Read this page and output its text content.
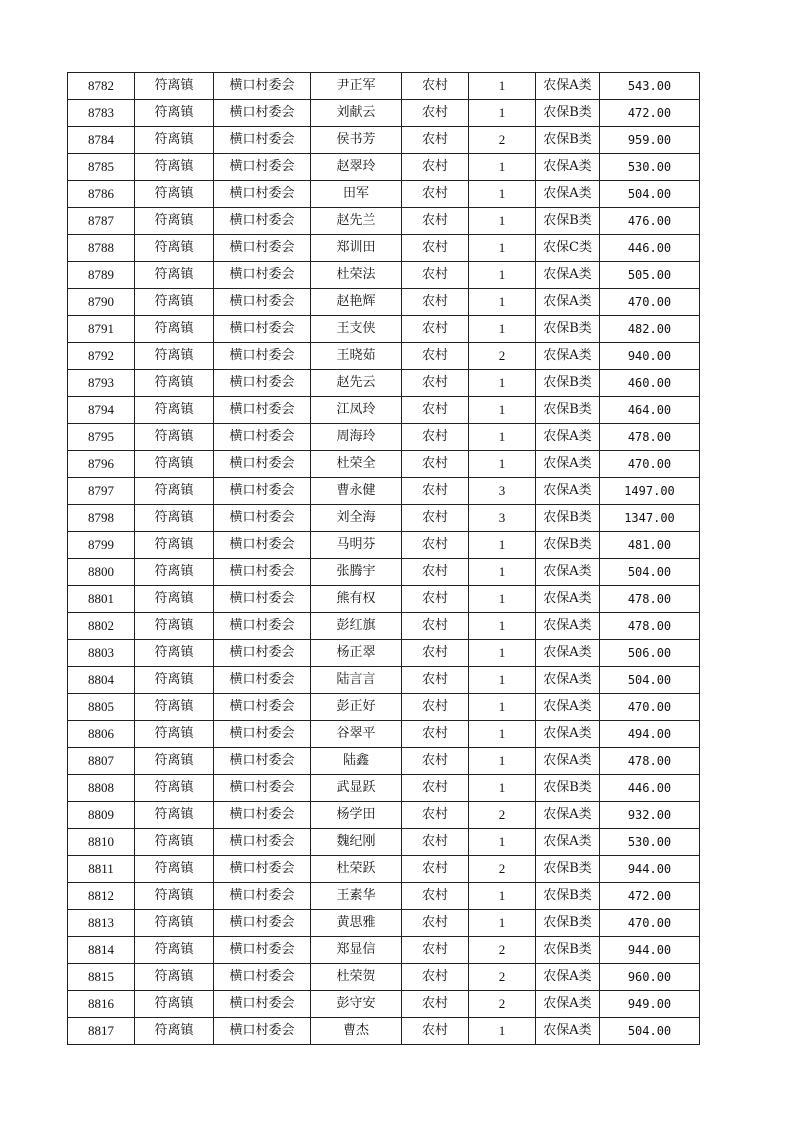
8782	符离镇	横口村委会	尹正军	农村	1	农保A类	543.00
8783	符离镇	横口村委会	刘献云	农村	1	农保B类	472.00
8784	符离镇	横口村委会	侯书芳	农村	2	农保B类	959.00
8785	符离镇	横口村委会	赵翠玲	农村	1	农保A类	530.00
8786	符离镇	横口村委会	田军	农村	1	农保A类	504.00
8787	符离镇	横口村委会	赵先兰	农村	1	农保B类	476.00
8788	符离镇	横口村委会	郑训田	农村	1	农保C类	446.00
8789	符离镇	横口村委会	杜荣法	农村	1	农保A类	505.00
8790	符离镇	横口村委会	赵艳辉	农村	1	农保A类	470.00
8791	符离镇	横口村委会	王支侠	农村	1	农保B类	482.00
8792	符离镇	横口村委会	王晓茹	农村	2	农保A类	940.00
8793	符离镇	横口村委会	赵先云	农村	1	农保B类	460.00
8794	符离镇	横口村委会	江凤玲	农村	1	农保B类	464.00
8795	符离镇	横口村委会	周海玲	农村	1	农保A类	478.00
8796	符离镇	横口村委会	杜荣全	农村	1	农保A类	470.00
8797	符离镇	横口村委会	曹永健	农村	3	农保A类	1497.00
8798	符离镇	横口村委会	刘全海	农村	3	农保B类	1347.00
8799	符离镇	横口村委会	马明芬	农村	1	农保B类	481.00
8800	符离镇	横口村委会	张腾宇	农村	1	农保A类	504.00
8801	符离镇	横口村委会	熊有权	农村	1	农保A类	478.00
8802	符离镇	横口村委会	彭红旗	农村	1	农保A类	478.00
8803	符离镇	横口村委会	杨正翠	农村	1	农保A类	506.00
8804	符离镇	横口村委会	陆言言	农村	1	农保A类	504.00
8805	符离镇	横口村委会	彭正好	农村	1	农保A类	470.00
8806	符离镇	横口村委会	谷翠平	农村	1	农保A类	494.00
8807	符离镇	横口村委会	陆鑫	农村	1	农保A类	478.00
8808	符离镇	横口村委会	武显跃	农村	1	农保B类	446.00
8809	符离镇	横口村委会	杨学田	农村	2	农保A类	932.00
8810	符离镇	横口村委会	魏纪刚	农村	1	农保A类	530.00
8811	符离镇	横口村委会	杜荣跃	农村	2	农保B类	944.00
8812	符离镇	横口村委会	王素华	农村	1	农保B类	472.00
8813	符离镇	横口村委会	黄思雅	农村	1	农保B类	470.00
8814	符离镇	横口村委会	郑显信	农村	2	农保B类	944.00
8815	符离镇	横口村委会	杜荣贺	农村	2	农保A类	960.00
8816	符离镇	横口村委会	彭守安	农村	2	农保A类	949.00
8817	符离镇	横口村委会	曹杰	农村	1	农保A类	504.00
